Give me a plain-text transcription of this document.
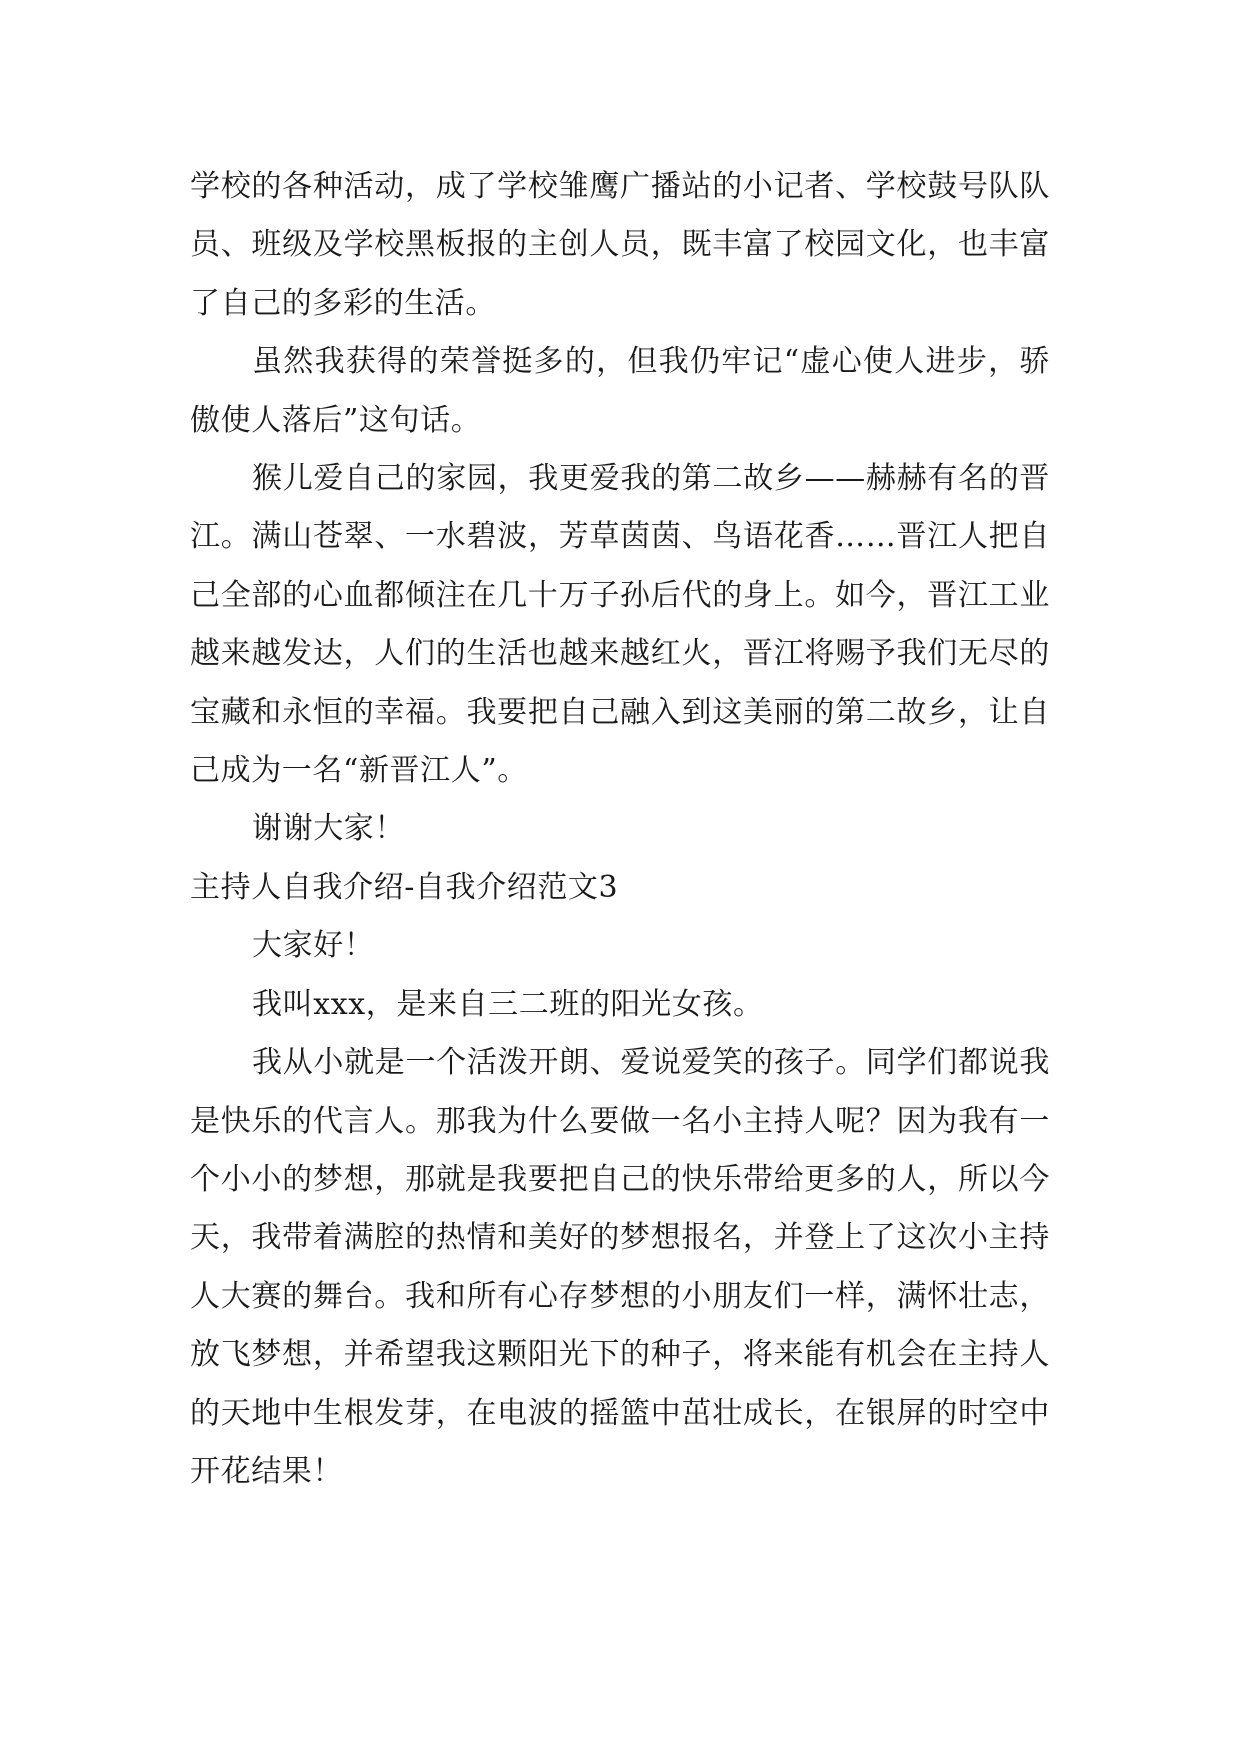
学校的各种活动，成了学校雏鹰广播站的小记者、学校鼓号队队员、班级及学校黑板报的主创人员，既丰富了校园文化，也丰富了自己的多彩的生活。

虽然我获得的荣誉挺多的，但我仍牢记“虚心使人进步，骄傲使人落后”这句话。

猴儿爱自己的家园，我更爱我的第二故乡——赫赫有名的晋江。满山苍翠、一水碧波，芳草茵茵、鸟语花香……晋江人把自己全部的心血都倾注在几十万子孙后代的身上。如今，晋江工业越来越发达，人们的生活也越来越红火，晋江将赐予我们无尽的宝藏和永恒的幸福。我要把自己融入到这美丽的第二故乡，让自己成为一名“新晋江人”。

谢谢大家！

主持人自我介绍-自我介绍范文3

大家好！

我叫xxx，是来自三二班的阳光女孩。

我从小就是一个活泼开朗、爱说爱笑的孩子。同学们都说我是快乐的代言人。那我为什么要做一名小主持人呢？因为我有一个小小的梦想，那就是我要把自己的快乐带给更多的人，所以今天，我带着满腔的热情和美好的梦想报名，并登上了这次小主持人大赛的舞台。我和所有心存梦想的小朋友们一样，满怀壮志，放飞梦想，并希望我这颗阳光下的种子，将来能有机会在主持人的天地中生根发芽，在电波的摇篮中茁壮成长，在银屏的时空中开花结果！
